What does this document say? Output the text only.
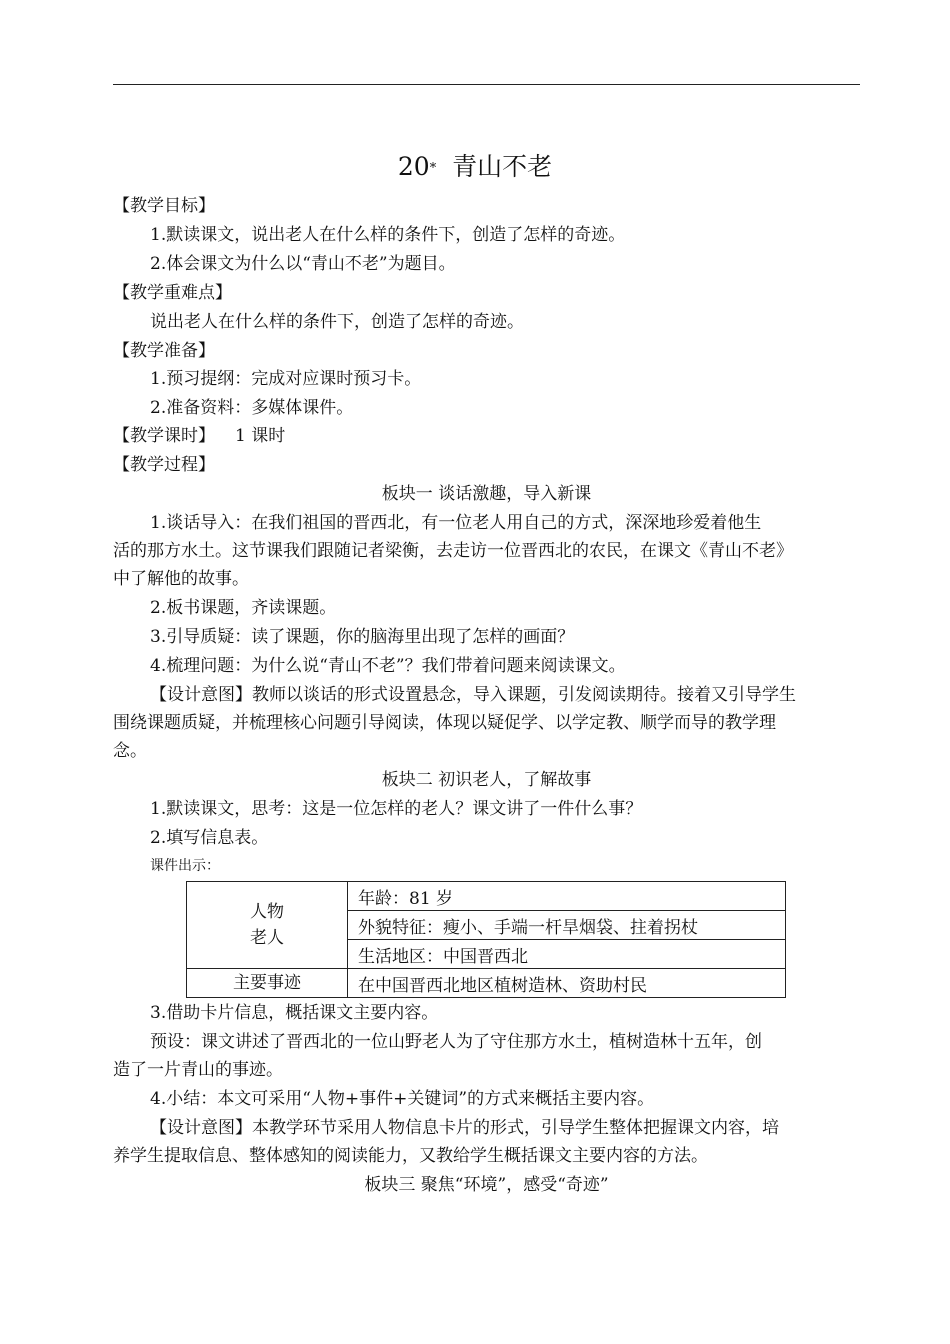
20* 青山不老
【教学目标】
1.默读课文，说出老人在什么样的条件下，创造了怎样的奇迹。
2.体会课文为什么以“青山不老”为题目。
【教学重难点】
说出老人在什么样的条件下，创造了怎样的奇迹。
【教学准备】
1.预习提纲：完成对应课时预习卡。
2.准备资料：多媒体课件。
【教学课时】 1 课时
【教学过程】
板块一 谈话激趣，导入新课
1.谈话导入：在我们祖国的晋西北，有一位老人用自己的方式，深深地珍爱着他生
活的那方水土。这节课我们跟随记者梁衡，去走访一位晋西北的农民，在课文《青山不老》
中了解他的故事。
2.板书课题，齐读课题。
3.引导质疑：读了课题，你的脑海里出现了怎样的画面？
4.梳理问题：为什么说“青山不老”？我们带着问题来阅读课文。
【设计意图】教师以谈话的形式设置悬念，导入课题，引发阅读期待。接着又引导学生
围绕课题质疑，并梳理核心问题引导阅读，体现以疑促学、以学定教、顺学而导的教学理
念。
板块二 初识老人，了解故事
1.默读课文，思考：这是一位怎样的老人？课文讲了一件什么事？
2.填写信息表。
课件出示：
人物
老人	年龄：81 岁
	外貌特征：瘦小、手端一杆旱烟袋、拄着拐杖
	生活地区：中国晋西北
主要事迹	在中国晋西北地区植树造林、资助村民
3.借助卡片信息，概括课文主要内容。
预设：课文讲述了晋西北的一位山野老人为了守住那方水土，植树造林十五年，创
造了一片青山的事迹。
4.小结：本文可采用“人物+事件+关键词”的方式来概括主要内容。
【设计意图】本教学环节采用人物信息卡片的形式，引导学生整体把握课文内容，培
养学生提取信息、整体感知的阅读能力，又教给学生概括课文主要内容的方法。
板块三 聚焦“环境”，感受“奇迹”
